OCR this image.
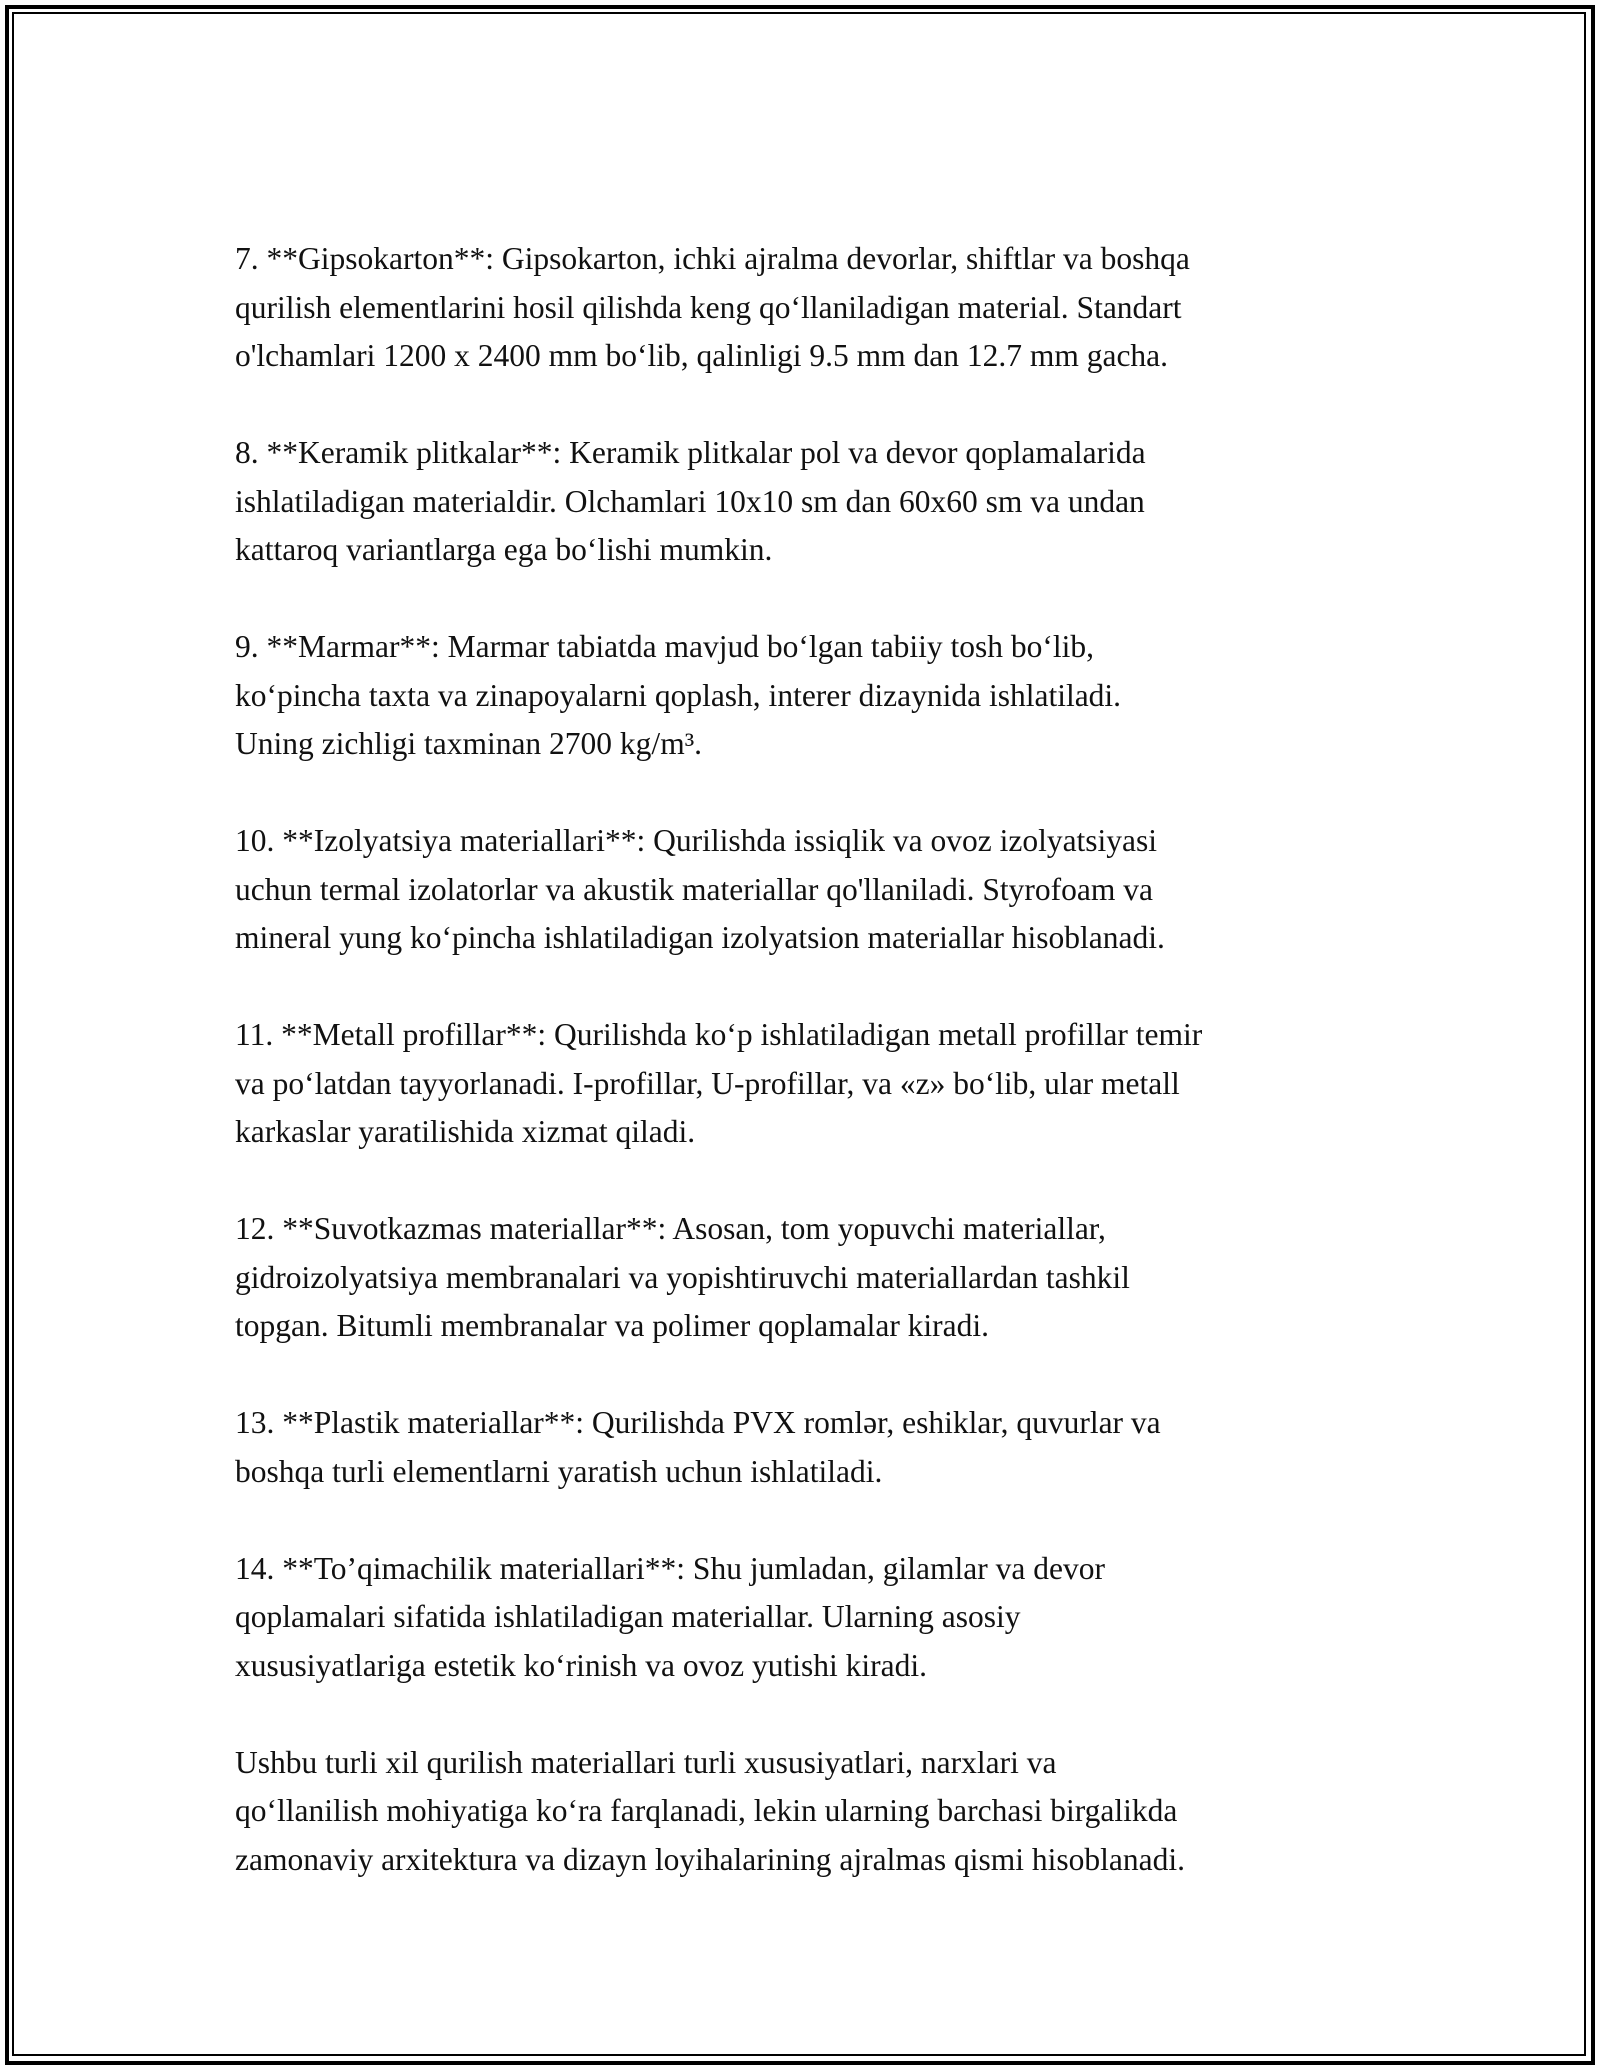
7. **Gipsokarton**: Gipsokarton, ichki ajralma devorlar, shiftlar va boshqa
qurilish elementlarini hosil qilishda keng qo‘llaniladigan material. Standart
o'lchamlari 1200 x 2400 mm bo‘lib, qalinligi 9.5 mm dan 12.7 mm gacha.

8. **Keramik plitkalar**: Keramik plitkalar pol va devor qoplamalarida
ishlatiladigan materialdir. Olchamlari 10x10 sm dan 60x60 sm va undan
kattaroq variantlarga ega bo‘lishi mumkin.

9. **Marmar**: Marmar tabiatda mavjud bo‘lgan tabiiy tosh bo‘lib,
ko‘pincha taxta va zinapoyalarni qoplash, interer dizaynida ishlatiladi.
Uning zichligi taxminan 2700 kg/m³.

10. **Izolyatsiya materiallari**: Qurilishda issiqlik va ovoz izolyatsiyasi
uchun termal izolatorlar va akustik materiallar qo'llaniladi. Styrofoam va
mineral yung ko‘pincha ishlatiladigan izolyatsion materiallar hisoblanadi.

11. **Metall profillar**: Qurilishda ko‘p ishlatiladigan metall profillar temir
va po‘latdan tayyorlanadi. I-profillar, U-profillar, va «z» bo‘lib, ular metall
karkaslar yaratilishida xizmat qiladi.

12. **Suvotkazmas materiallar**: Asosan, tom yopuvchi materiallar,
gidroizolyatsiya membranalari va yopishtiruvchi materiallardan tashkil
topgan. Bitumli membranalar va polimer qoplamalar kiradi.

13. **Plastik materiallar**: Qurilishda PVX romlər, eshiklar, quvurlar va
boshqa turli elementlarni yaratish uchun ishlatiladi.

14. **To’qimachilik materiallari**: Shu jumladan, gilamlar va devor
qoplamalari sifatida ishlatiladigan materiallar. Ularning asosiy
xususiyatlariga estetik ko‘rinish va ovoz yutishi kiradi.

Ushbu turli xil qurilish materiallari turli xususiyatlari, narxlari va
qo‘llanilish mohiyatiga ko‘ra farqlanadi, lekin ularning barchasi birgalikda
zamonaviy arxitektura va dizayn loyihalarining ajralmas qismi hisoblanadi.
